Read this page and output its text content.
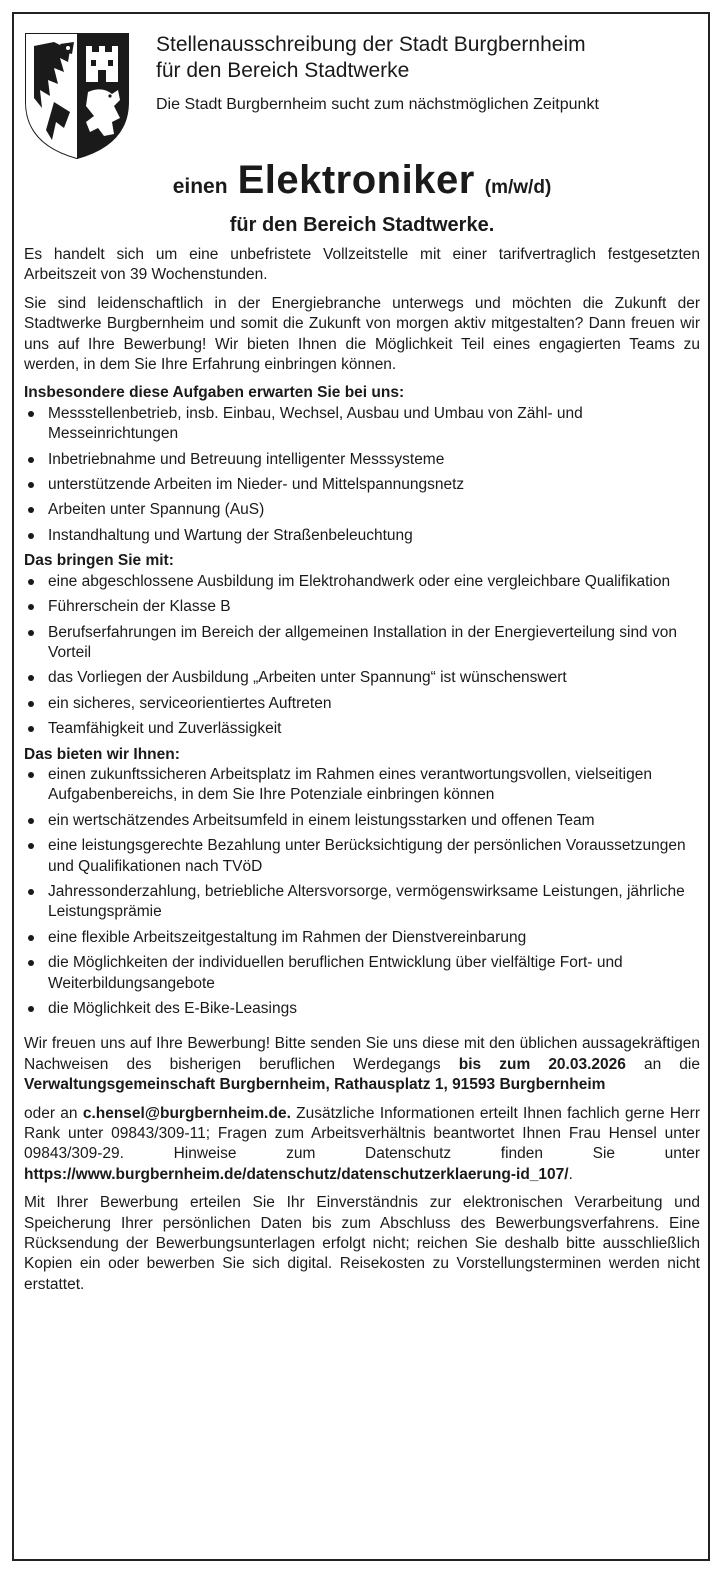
Stellenausschreibung der Stadt Burgbernheim
für den Bereich Stadtwerke
Die Stadt Burgbernheim sucht zum nächstmöglichen Zeitpunkt
einen Elektroniker (m/w/d)
für den Bereich Stadtwerke.

Es handelt sich um eine unbefristete Vollzeitstelle mit einer tarifvertraglich festgesetzten Arbeitszeit von 39 Wochenstunden.

Sie sind leidenschaftlich in der Energiebranche unterwegs und möchten die Zukunft der Stadtwerke Burgbernheim und somit die Zukunft von morgen aktiv mitgestalten? Dann freuen wir uns auf Ihre Bewerbung! Wir bieten Ihnen die Möglichkeit Teil eines engagierten Teams zu werden, in dem Sie Ihre Erfahrung einbringen können.

Insbesondere diese Aufgaben erwarten Sie bei uns:
Messstellenbetrieb, insb. Einbau, Wechsel, Ausbau und Umbau von Zähl- und Messeinrichtungen
Inbetriebnahme und Betreuung intelligenter Messsysteme
unterstützende Arbeiten im Nieder- und Mittelspannungsnetz
Arbeiten unter Spannung (AuS)
Instandhaltung und Wartung der Straßenbeleuchtung
Das bringen Sie mit:
eine abgeschlossene Ausbildung im Elektrohandwerk oder eine vergleichbare Qualifikation
Führerschein der Klasse B
Berufserfahrungen im Bereich der allgemeinen Installation in der Energieverteilung sind von Vorteil
das Vorliegen der Ausbildung „Arbeiten unter Spannung“ ist wünschenswert
ein sicheres, serviceorientiertes Auftreten
Teamfähigkeit und Zuverlässigkeit
Das bieten wir Ihnen:
einen zukunftssicheren Arbeitsplatz im Rahmen eines verantwortungsvollen, vielseitigen Aufgabenbereichs, in dem Sie Ihre Potenziale einbringen können
ein wertschätzendes Arbeitsumfeld in einem leistungsstarken und offenen Team
eine leistungsgerechte Bezahlung unter Berücksichtigung der persönlichen Voraussetzungen und Qualifikationen nach TVöD
Jahressonderzahlung, betriebliche Altersvorsorge, vermögenswirksame Leistungen, jährliche Leistungsprämie
eine flexible Arbeitszeitgestaltung im Rahmen der Dienstvereinbarung
die Möglichkeiten der individuellen beruflichen Entwicklung über vielfältige Fort- und Weiterbildungsangebote
die Möglichkeit des E-Bike-Leasings

Wir freuen uns auf Ihre Bewerbung! Bitte senden Sie uns diese mit den üblichen aussagekräftigen Nachweisen des bisherigen beruflichen Werdegangs bis zum 20.03.2026 an die Verwaltungsgemeinschaft Burgbernheim, Rathausplatz 1, 91593 Burgbernheim

oder an c.hensel@burgbernheim.de. Zusätzliche Informationen erteilt Ihnen fachlich gerne Herr Rank unter 09843/309-11; Fragen zum Arbeitsverhältnis beantwortet Ihnen Frau Hensel unter 09843/309-29. Hinweise zum Datenschutz finden Sie unter https://www.burgbernheim.de/datenschutz/datenschutzerklaerung-id_107/.

Mit Ihrer Bewerbung erteilen Sie Ihr Einverständnis zur elektronischen Verarbeitung und Speicherung Ihrer persönlichen Daten bis zum Abschluss des Bewerbungsverfahrens. Eine Rücksendung der Bewerbungsunterlagen erfolgt nicht; reichen Sie deshalb bitte ausschließlich Kopien ein oder bewerben Sie sich digital. Reisekosten zu Vorstellungsterminen werden nicht erstattet.
